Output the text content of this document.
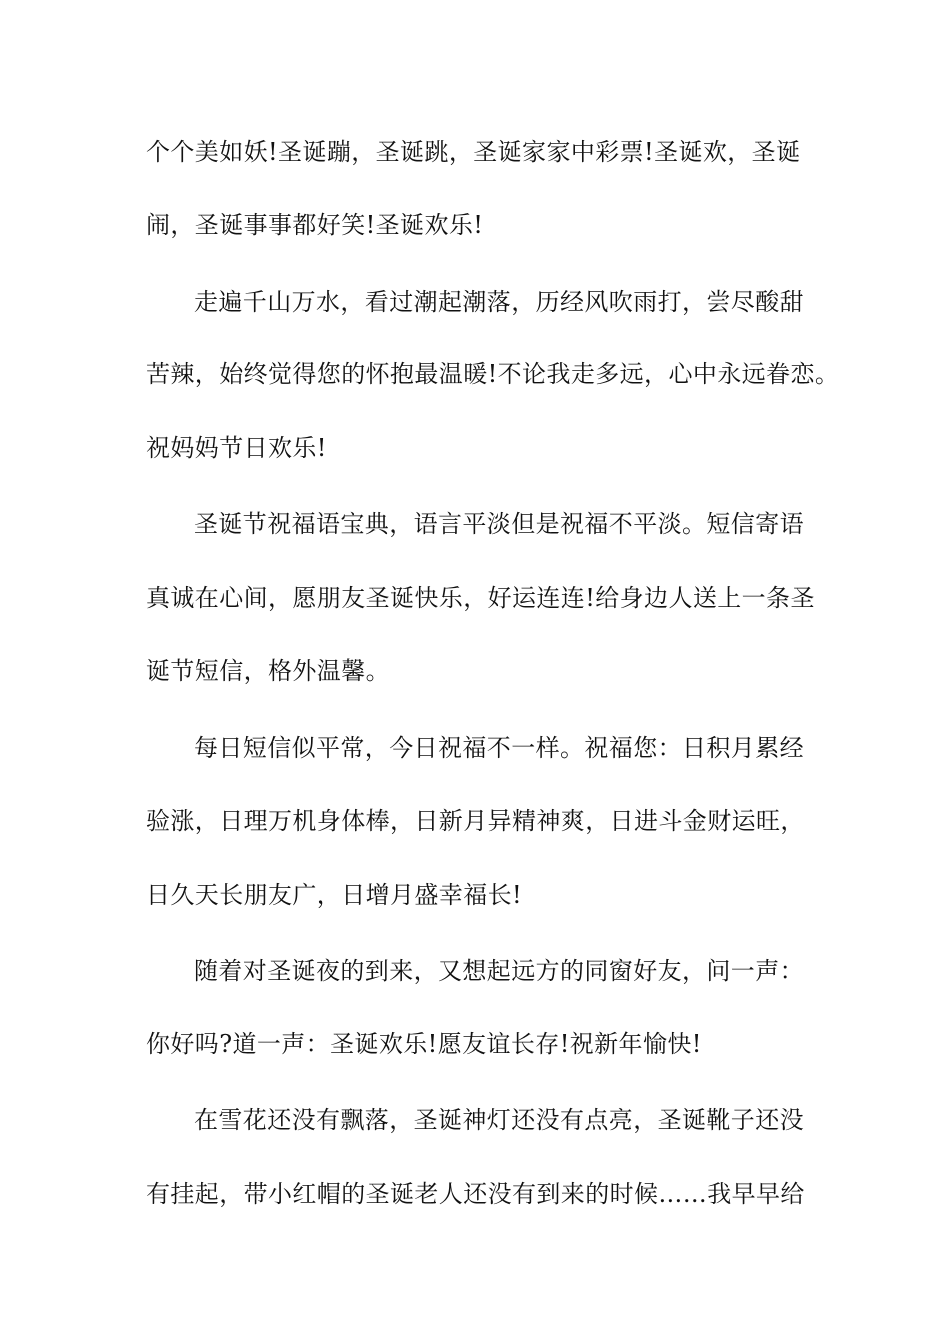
个个美如妖!圣诞蹦，圣诞跳，圣诞家家中彩票!圣诞欢，圣诞
闹，圣诞事事都好笑!圣诞欢乐!
走遍千山万水，看过潮起潮落，历经风吹雨打，尝尽酸甜
苦辣，始终觉得您的怀抱最温暖!不论我走多远，心中永远眷恋。
祝妈妈节日欢乐!
圣诞节祝福语宝典，语言平淡但是祝福不平淡。短信寄语
真诚在心间，愿朋友圣诞快乐，好运连连!给身边人送上一条圣
诞节短信，格外温馨。
每日短信似平常，今日祝福不一样。祝福您：日积月累经
验涨，日理万机身体棒，日新月异精神爽，日进斗金财运旺，
日久天长朋友广，日增月盛幸福长!
随着对圣诞夜的到来，又想起远方的同窗好友，问一声：
你好吗?道一声：圣诞欢乐!愿友谊长存!祝新年愉快!
在雪花还没有飘落，圣诞神灯还没有点亮，圣诞靴子还没
有挂起，带小红帽的圣诞老人还没有到来的时候……我早早给
